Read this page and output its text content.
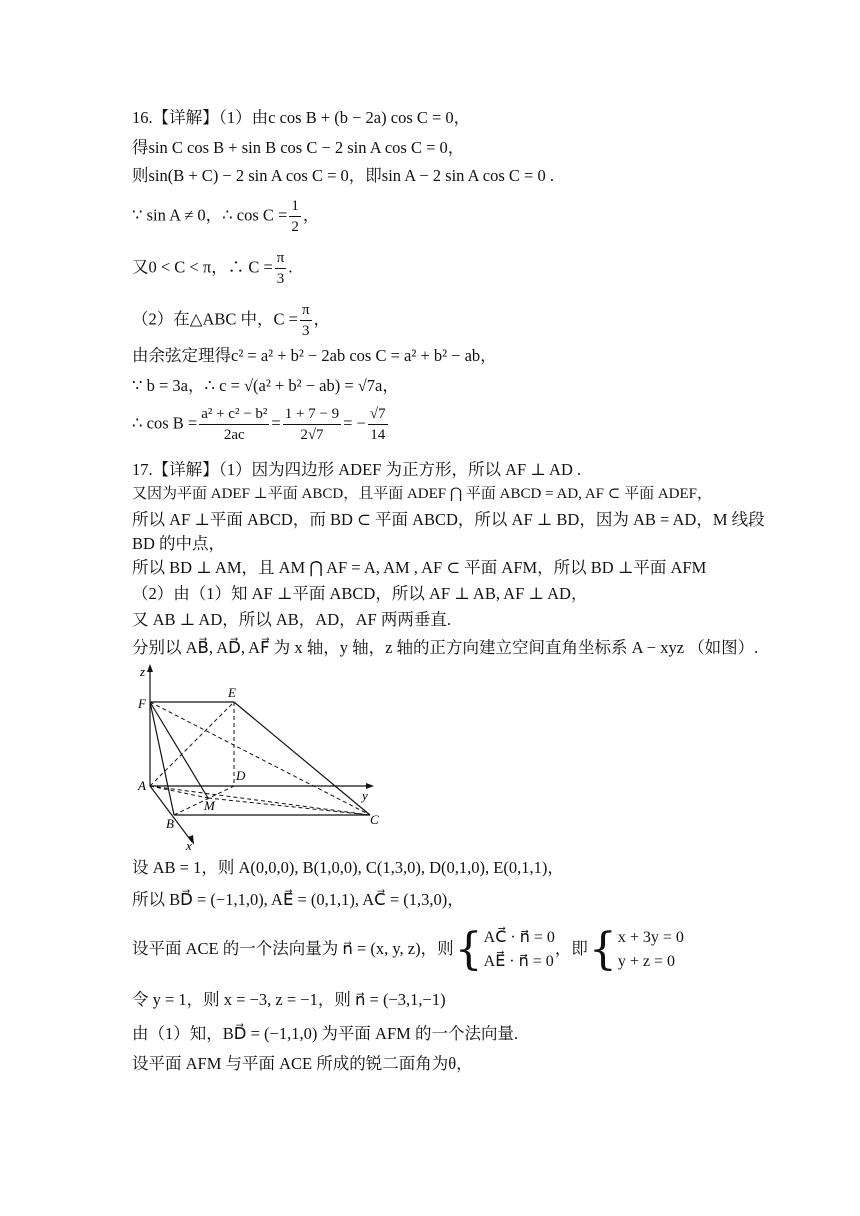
16.【详解】（1）由c cos B + (b − 2a) cos C = 0，
得sin C cos B + sin B cos C − 2 sin A cos C = 0，
则sin(B + C) − 2 sin A cos C = 0，即sin A − 2 sin A cos C = 0 .
∵ sin A ≠ 0，∴ $\cos C = \frac{1}{2}$ ，
又0 < C < π，∴ $C = \frac{\pi}{3}$ .
（2）在△ABC 中，$C = \frac{\pi}{3}$ ，
由余弦定理得c² = a² + b² − 2ab cos C = a² + b² − ab，
∵ b = 3a，∴ c = √(a² + b² − ab) = √7a，
∴ $\cos B = \frac{\text{a² + c² − b²}}{2ac} = \frac{1 + 7 - 9}{2√7}$ = − $\frac{√7}{14}$
17.【详解】（1）因为四边形 ADEF 为正方形，所以 AF ⊥ AD .
又因为平面 ADEF ⊥平面 ABCD，且平面 ADEF ⋂ 平面 ABCD = AD, AF ⊂ 平面 ADEF，
所以 AF ⊥平面 ABCD，而 BD ⊂ 平面 ABCD，所以 AF ⊥ BD，因为 AB = AD，M 线段
BD 的中点，
所以 BD ⊥ AM，且 AM ⋂ AF = A, AM , AF ⊂ 平面 AFM，所以 BD ⊥平面 AFM
（2）由（1）知 AF ⊥平面 ABCD，所以 AF ⊥ AB, AF ⊥ AD，
又 AB ⊥ AD，所以 AB，AD，AF 两两垂直.
分别以 AB⃗, AD⃗, AF⃗ 为 x 轴，y 轴，z 轴的正方向建立空间直角坐标系 A − xyz （如图）.
z
F
E
A
D
y
M
B	C
x
设 AB = 1，则 A(0,0,0), B(1,0,0), C(1,3,0), D(0,1,0), E(0,1,1)，
所以 BD⃗ = (−1,1,0), AE⃗ = (0,1,1), AC⃗ = (1,3,0)，
设平面 ACE 的一个法向量为 n⃗ = (x, y, z)，则{ AC⃗ · n⃗ = 0
AE⃗ · n⃗ = 0
，即{ x + 3y = 0
y + z = 0
令 y = 1，则 x = −3, z = −1，则 n⃗ = (−3,1,−1)
由（1）知，BD⃗ = (−1,1,0) 为平面 AFM 的一个法向量.
设平面 AFM 与平面 ACE 所成的锐二面角为θ，
